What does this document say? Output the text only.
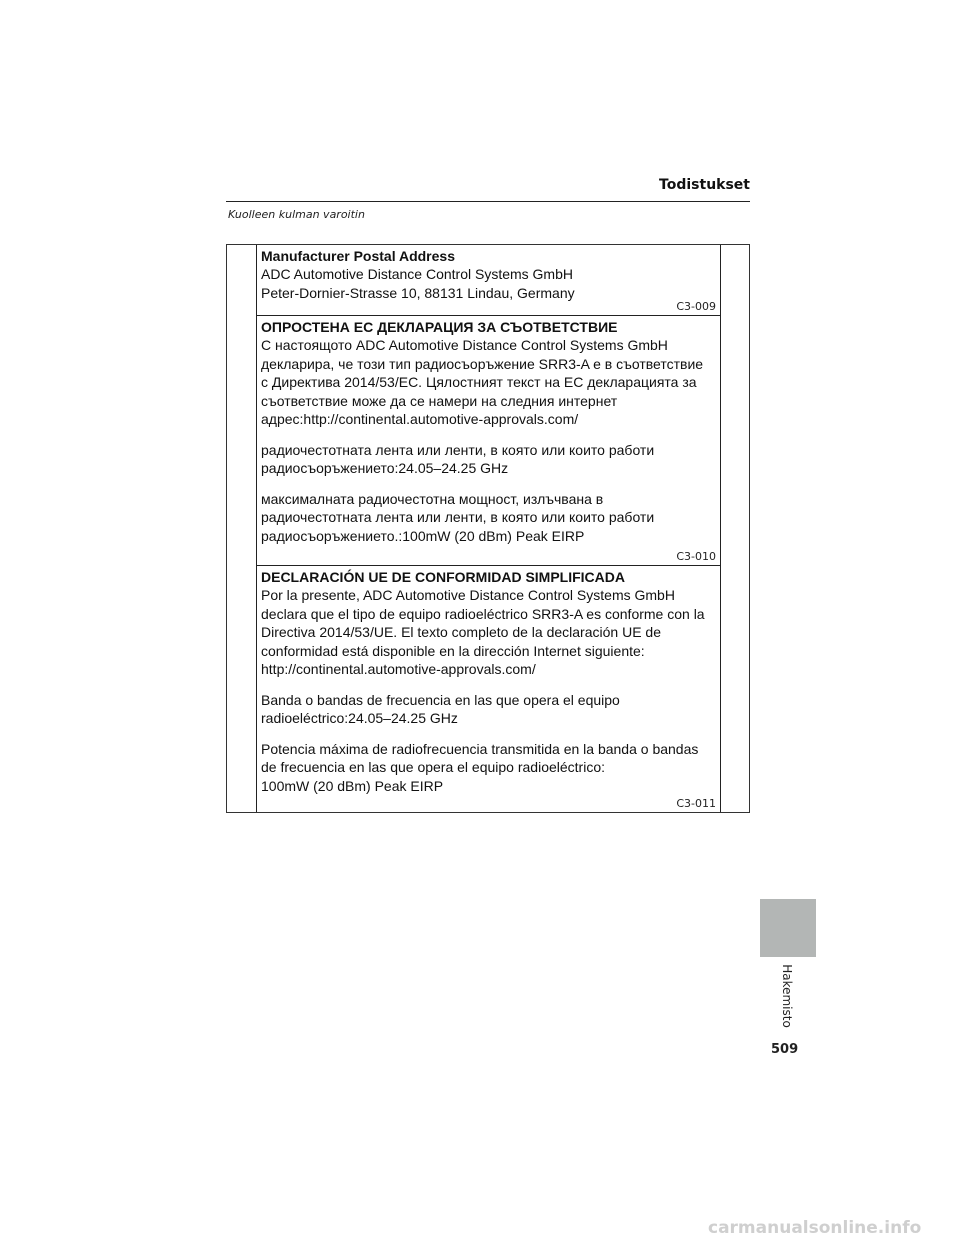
Todistukset
Kuolleen kulman varoitin
Manufacturer Postal Address
ADC Automotive Distance Control Systems GmbH
Peter-Dornier-Strasse 10, 88131 Lindau, Germany
C3-009
ОПРОСТЕНА ЕС ДЕКЛАРАЦИЯ ЗА СЪОТВЕТСТВИЕ
С настоящото ADC Automotive Distance Control Systems GmbH
декларира, че този тип радиосъоръжение SRR3-A е в съответствие
с Директива 2014/53/ЕС. Цялостният текст на ЕС декларацията за
съответствие може да се намери на следния интернет
адрес:http://continental.automotive-approvals.com/
радиочестотната лента или ленти, в която или които работи
радиосъоръжението:24.05–24.25 GHz
максималната радиочестотна мощност, излъчвана в
радиочестотната лента или ленти, в която или които работи
радиосъоръжението.:100mW (20 dBm) Peak EIRP
C3-010
DECLARACIÓN UE DE CONFORMIDAD SIMPLIFICADA
Por la presente, ADC Automotive Distance Control Systems GmbH
declara que el tipo de equipo radioeléctrico SRR3-A es conforme con la
Directiva 2014/53/UE. El texto completo de la declaración UE de
conformidad está disponible en la dirección Internet siguiente:
http://continental.automotive-approvals.com/
Banda o bandas de frecuencia en las que opera el equipo
radioeléctrico:24.05–24.25 GHz
Potencia máxima de radiofrecuencia transmitida en la banda o bandas
de frecuencia en las que opera el equipo radioeléctrico:
100mW (20 dBm) Peak EIRP
C3-011
Hakemisto
509
carmanualsonline.info
